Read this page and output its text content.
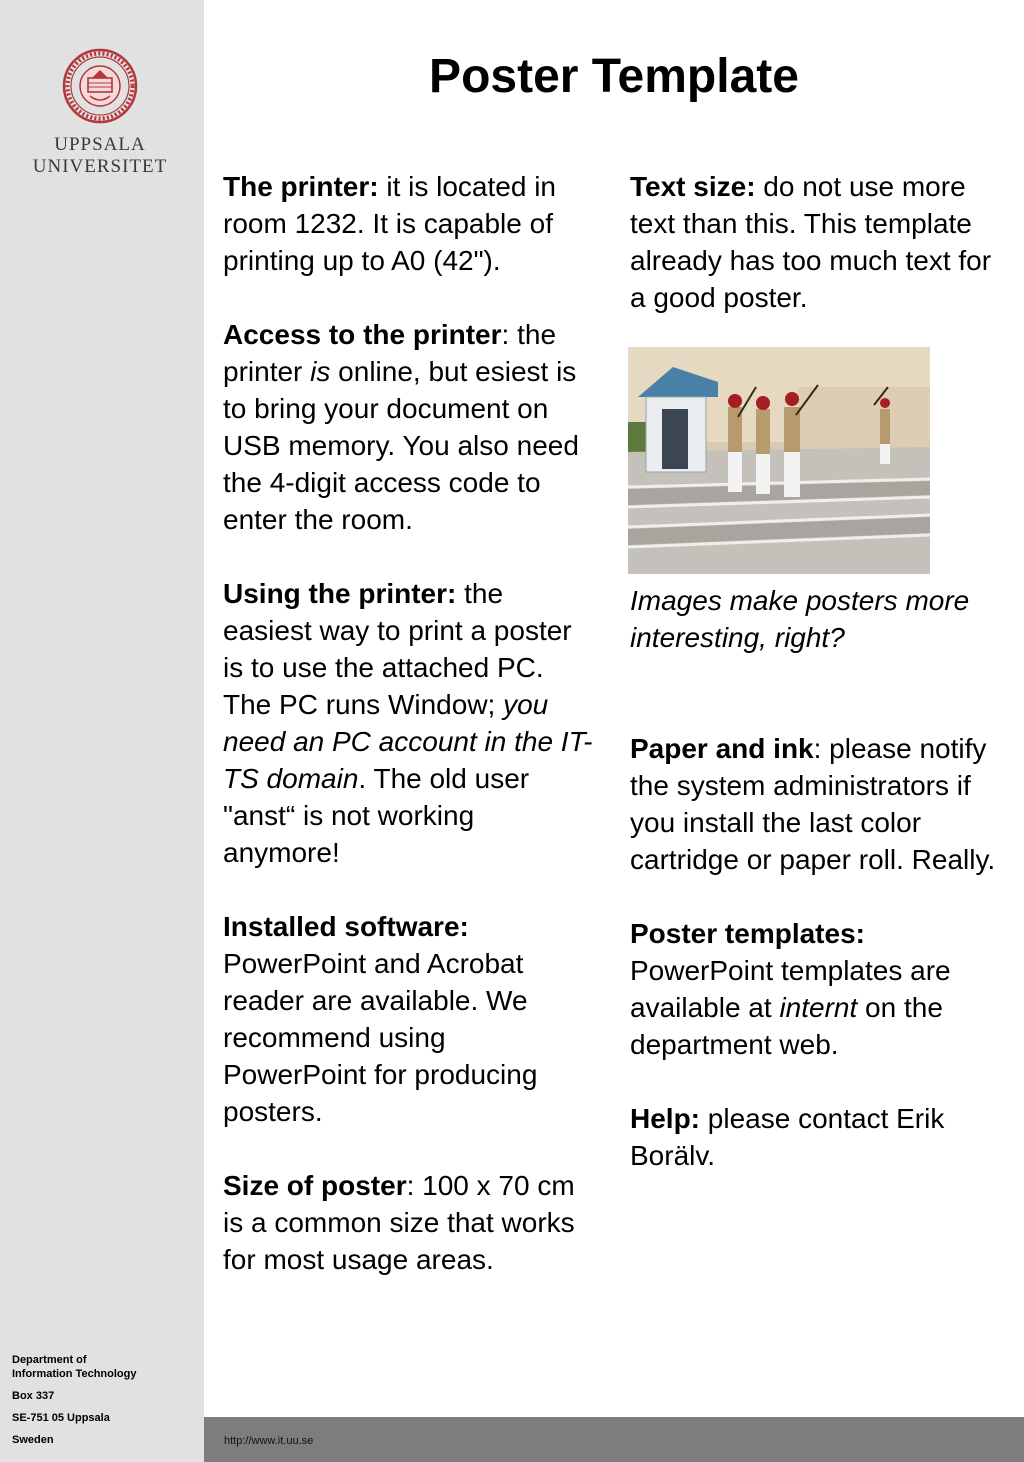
UPPSALA
UNIVERSITET
Department of
Information Technology
Box 337
SE-751 05 Uppsala
Sweden	http://www.it.uu.se
Poster Template

The printer: it is located in room 1232. It is capable of printing up to A0 (42").

Access to the printer: the printer is online, but esiest is to bring your document on USB memory. You also need the 4-digit access code to enter the room.

Using the printer: the easiest way to print a poster is to use the attached PC. The PC runs Window; you need an PC account in the IT-TS domain. The old user "anst“ is not working anymore!

Installed software: PowerPoint and Acrobat reader are available. We recommend using PowerPoint for producing posters.

Size of poster: 100 x 70 cm is a common size that works for most usage areas.

Text size: do not use more text than this. This template already has too much text for a good poster.

Images make posters more interesting, right?

Paper and ink: please notify the system administrators if you install the last color cartridge or paper roll. Really.

Poster templates: PowerPoint templates are available at internt on the department web.

Help: please contact Erik Borälv.
